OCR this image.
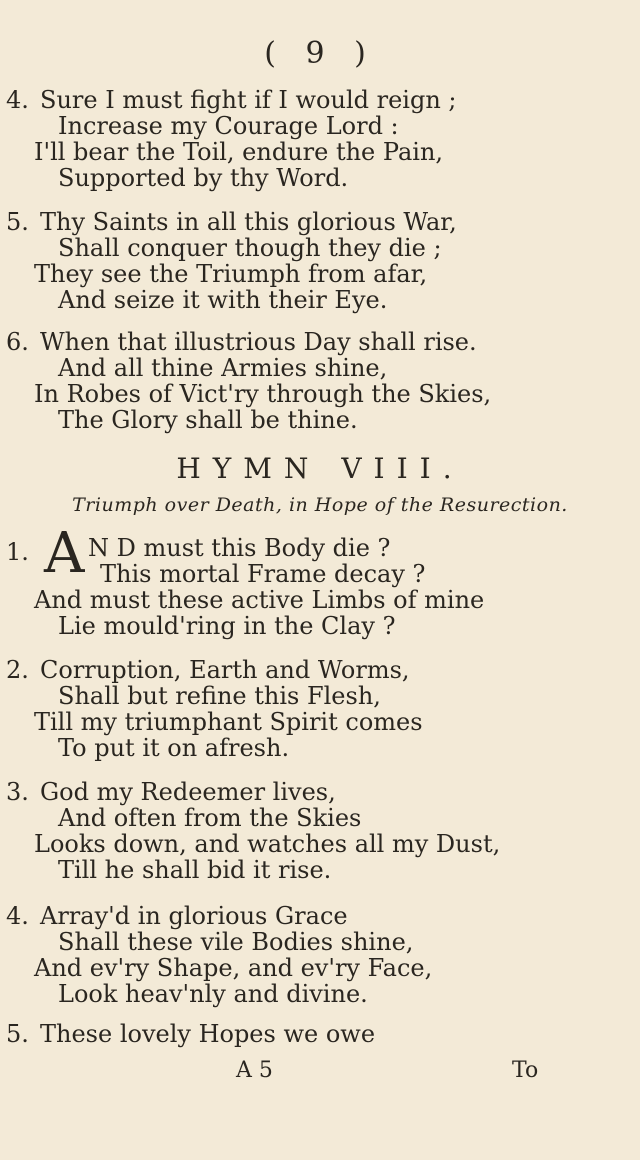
( 9 )
4. Sure I must fight if I would reign ;
Increase my Courage Lord :
I'll bear the Toil, endure the Pain,
Supported by thy Word.
5. Thy Saints in all this glorious War,
Shall conquer though they die ;
They see the Triumph from afar,
And seize it with their Eye.
6. When that illustrious Day shall rise.
And all thine Armies shine,
In Robes of Vict'ry through the Skies,
The Glory shall be thine.
HYMN VIII.
Triumph over Death, in Hope of the Resurection.
1. A N D must this Body die ?
This mortal Frame decay ?
And must these active Limbs of mine
Lie mould'ring in the Clay ?
2. Corruption, Earth and Worms,
Shall but refine this Flesh,
Till my triumphant Spirit comes
To put it on afresh.
3. God my Redeemer lives,
And often from the Skies
Looks down, and watches all my Dust,
Till he shall bid it rise.
4. Array'd in glorious Grace
Shall these vile Bodies shine,
And ev'ry Shape, and ev'ry Face,
Look heav'nly and divine.
5. These lovely Hopes we owe
A 5	To
